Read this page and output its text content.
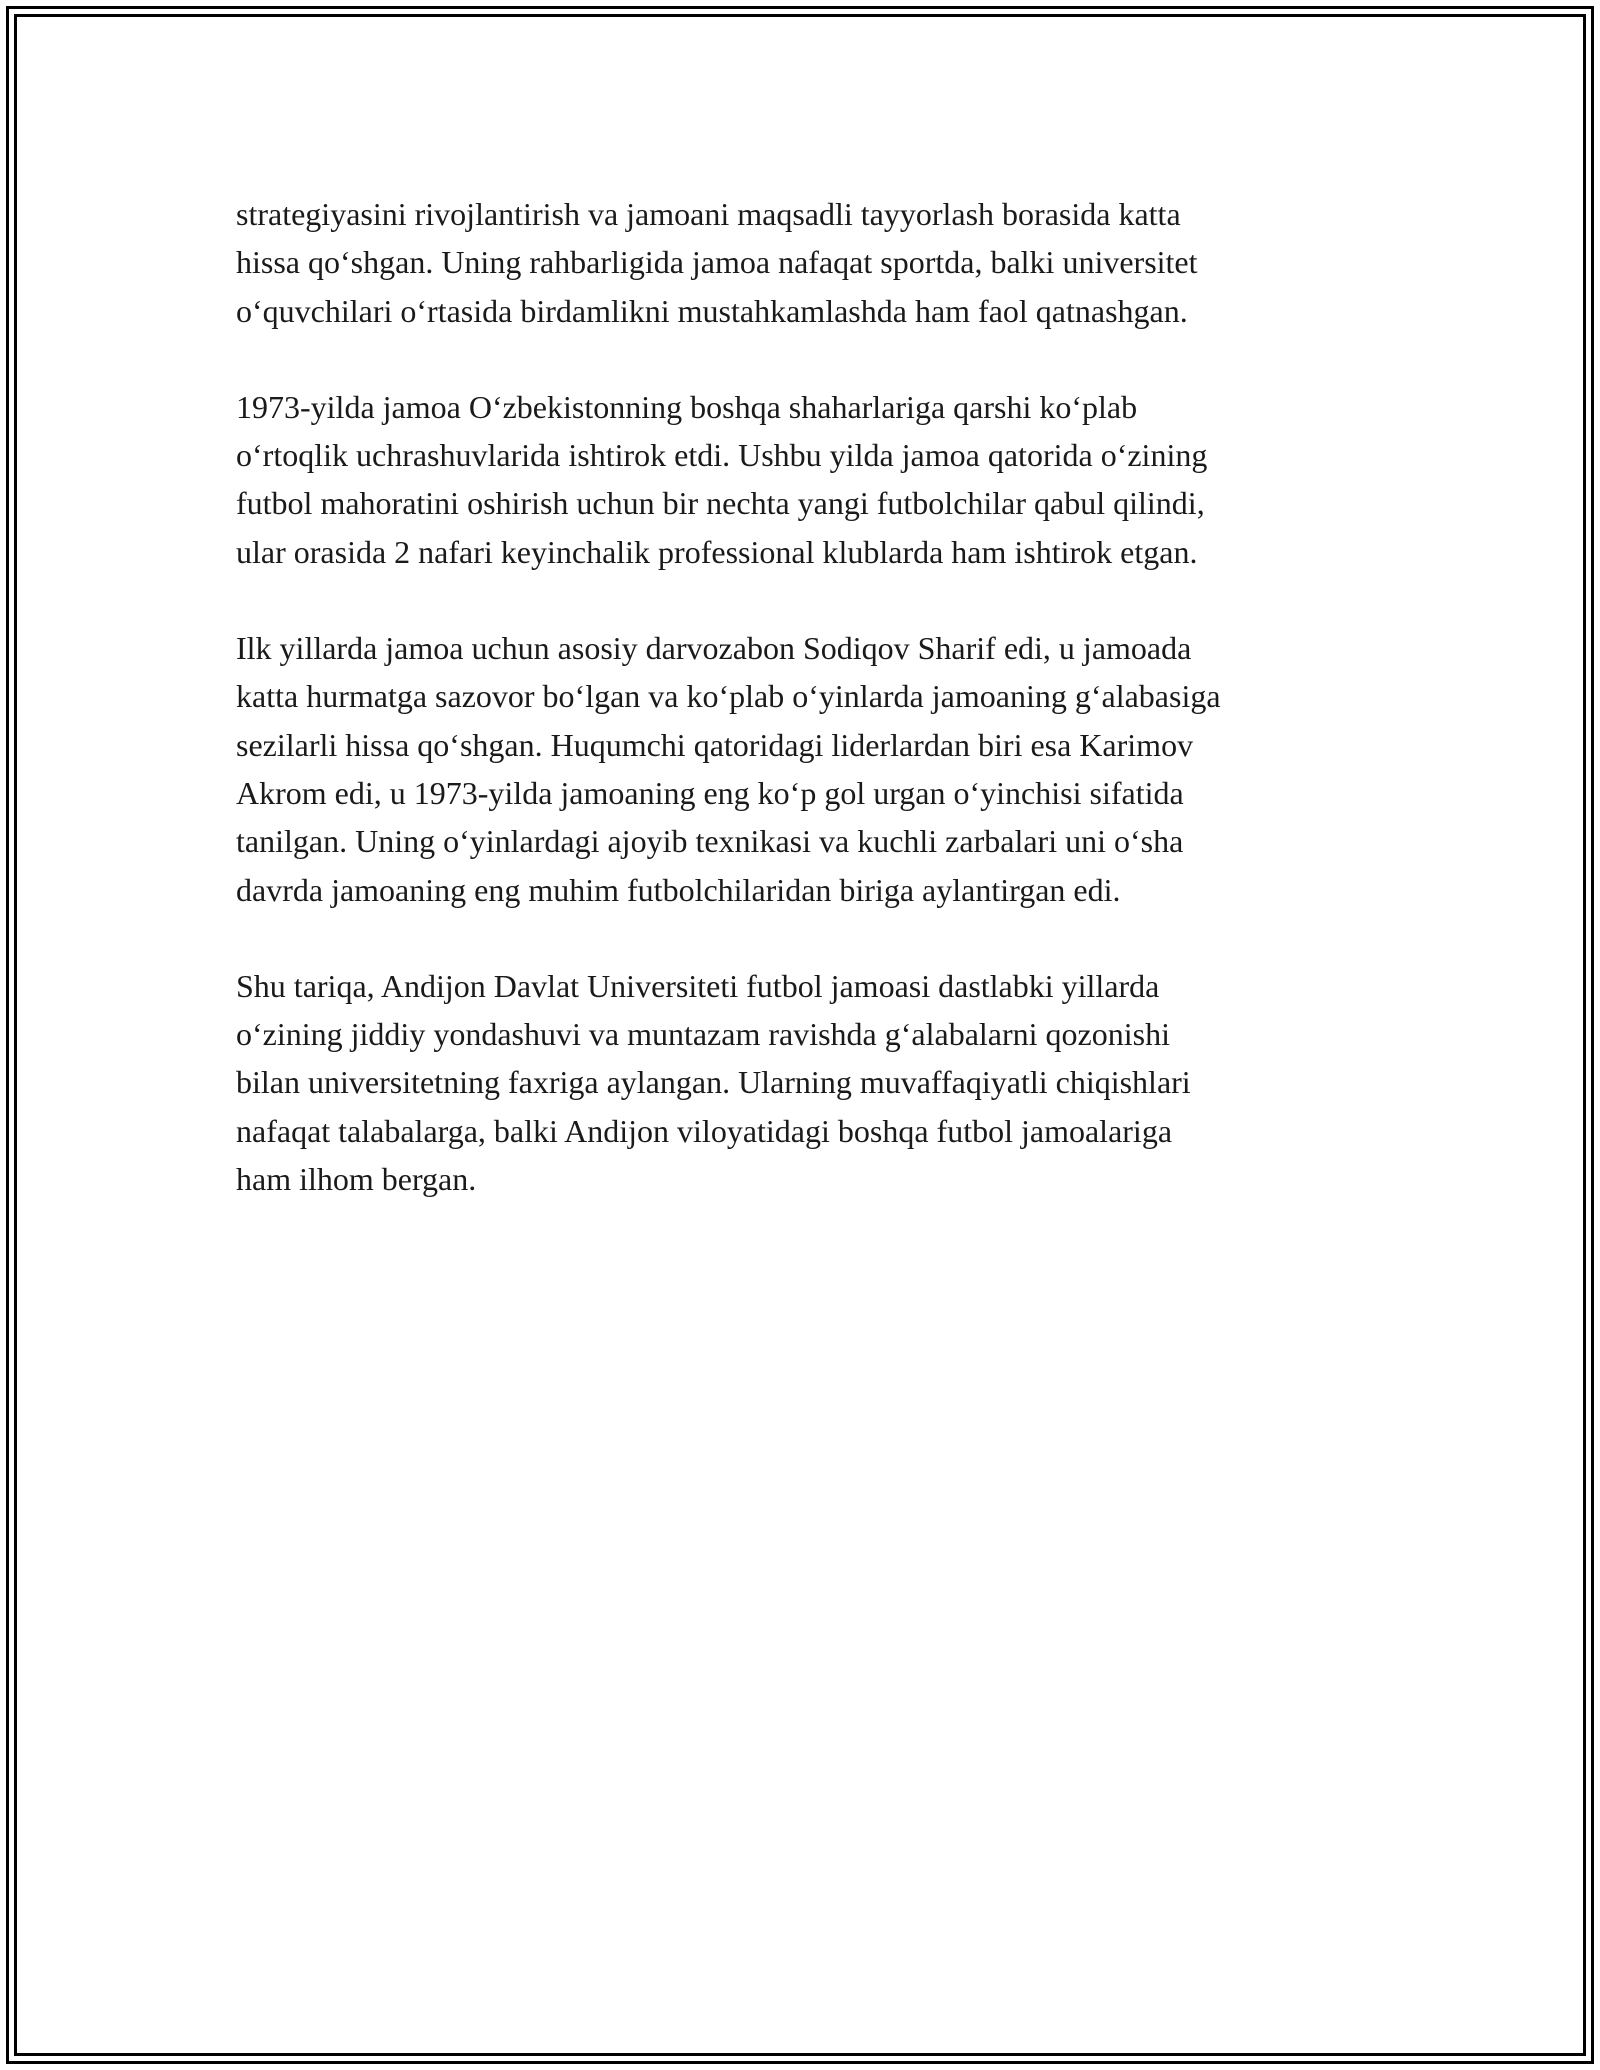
strategiyasini rivojlantirish va jamoani maqsadli tayyorlash borasida katta
hissa qo‘shgan. Uning rahbarligida jamoa nafaqat sportda, balki universitet
o‘quvchilari o‘rtasida birdamlikni mustahkamlashda ham faol qatnashgan.

1973-yilda jamoa O‘zbekistonning boshqa shaharlariga qarshi ko‘plab
o‘rtoqlik uchrashuvlarida ishtirok etdi. Ushbu yilda jamoa qatorida o‘zining
futbol mahoratini oshirish uchun bir nechta yangi futbolchilar qabul qilindi,
ular orasida 2 nafari keyinchalik professional klublarda ham ishtirok etgan.

Ilk yillarda jamoa uchun asosiy darvozabon Sodiqov Sharif edi, u jamoada
katta hurmatga sazovor bo‘lgan va ko‘plab o‘yinlarda jamoaning g‘alabasiga
sezilarli hissa qo‘shgan. Huqumchi qatoridagi liderlardan biri esa Karimov
Akrom edi, u 1973-yilda jamoaning eng ko‘p gol urgan o‘yinchisi sifatida
tanilgan. Uning o‘yinlardagi ajoyib texnikasi va kuchli zarbalari uni o‘sha
davrda jamoaning eng muhim futbolchilaridan biriga aylantirgan edi.

Shu tariqa, Andijon Davlat Universiteti futbol jamoasi dastlabki yillarda
o‘zining jiddiy yondashuvi va muntazam ravishda g‘alabalarni qozonishi
bilan universitetning faxriga aylangan. Ularning muvaffaqiyatli chiqishlari
nafaqat talabalarga, balki Andijon viloyatidagi boshqa futbol jamoalariga
ham ilhom bergan.
